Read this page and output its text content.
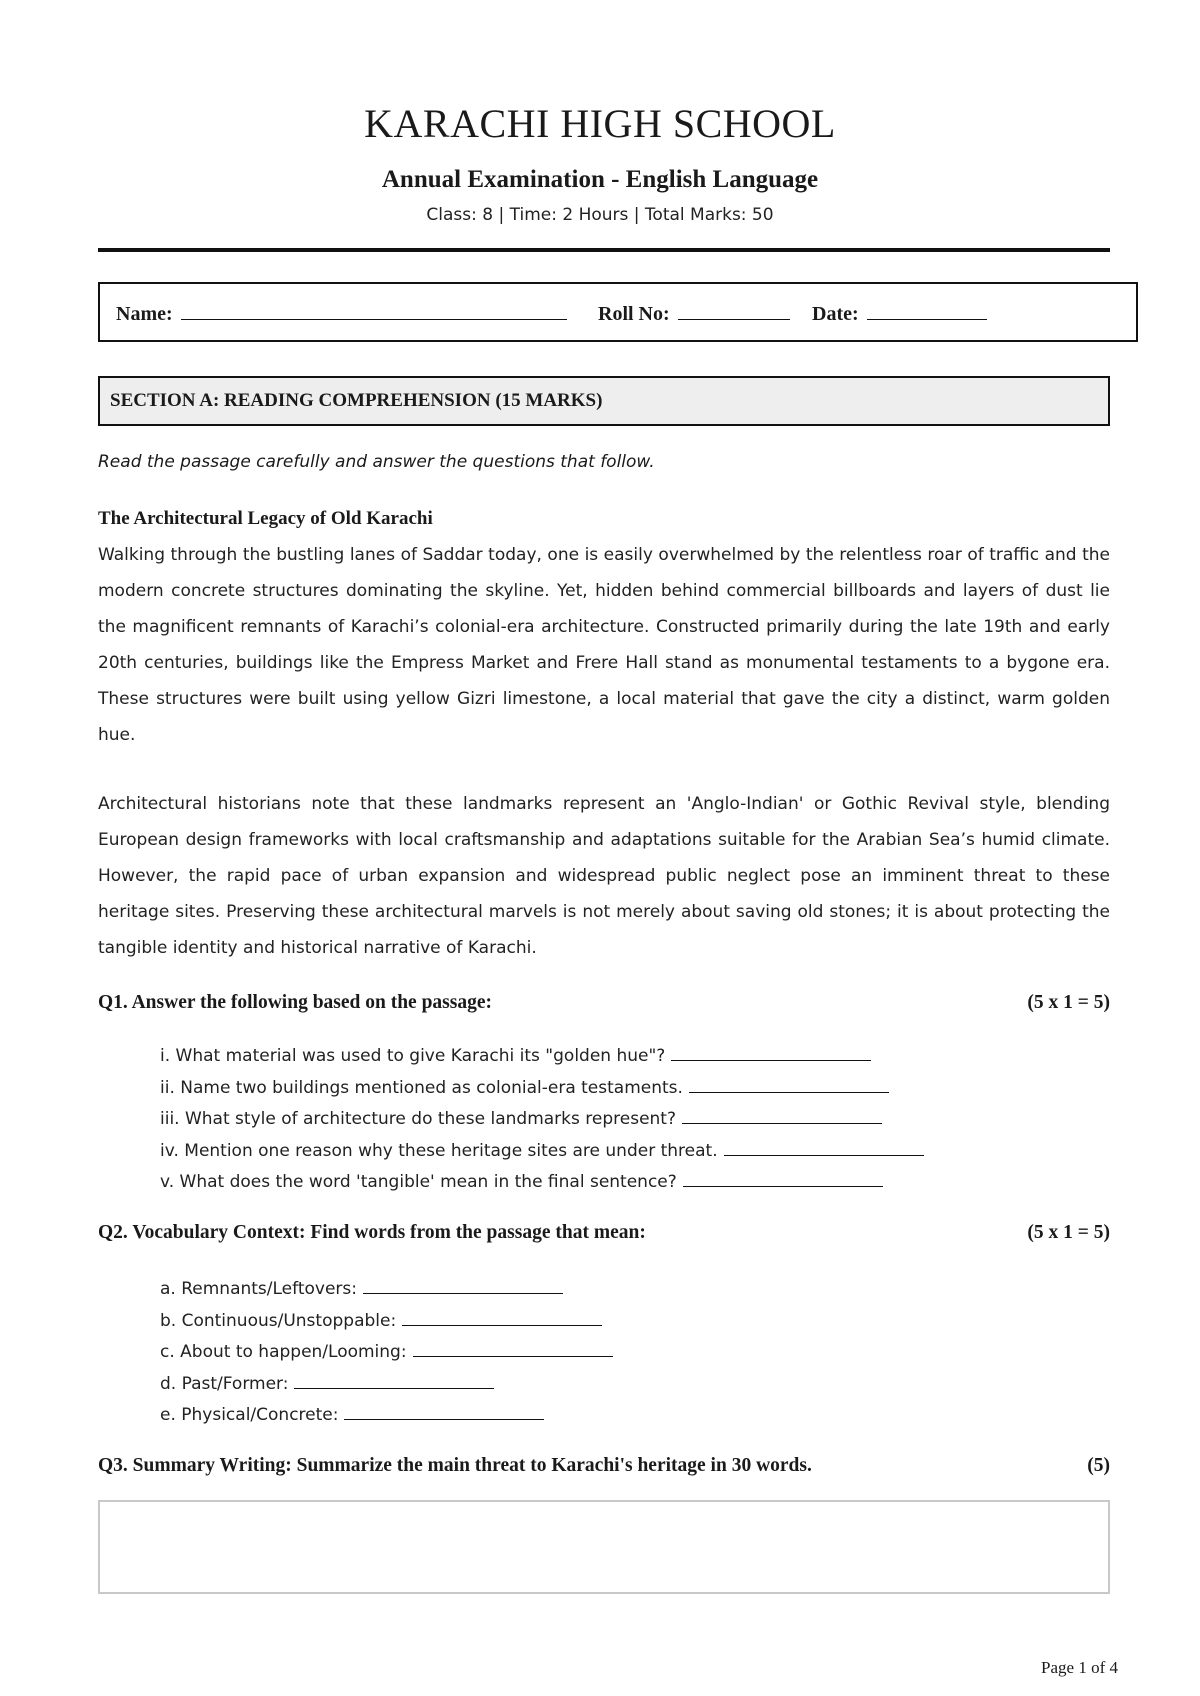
KARACHI HIGH SCHOOL
Annual Examination - English Language
Class: 8 | Time: 2 Hours | Total Marks: 50
Name:	Roll No:	Date:
SECTION A: READING COMPREHENSION (15 MARKS)
Read the passage carefully and answer the questions that follow.
The Architectural Legacy of Old Karachi
Walking through the bustling lanes of Saddar today, one is easily overwhelmed by the relentless roar of traffic and the modern concrete structures dominating the skyline. Yet, hidden behind commercial billboards and layers of dust lie the magnificent remnants of Karachi’s colonial-era architecture. Constructed primarily during the late 19th and early 20th centuries, buildings like the Empress Market and Frere Hall stand as monumental testaments to a bygone era. These structures were built using yellow Gizri limestone, a local material that gave the city a distinct, warm golden hue.
Architectural historians note that these landmarks represent an 'Anglo-Indian' or Gothic Revival style, blending European design frameworks with local craftsmanship and adaptations suitable for the Arabian Sea’s humid climate. However, the rapid pace of urban expansion and widespread public neglect pose an imminent threat to these heritage sites. Preserving these architectural marvels is not merely about saving old stones; it is about protecting the tangible identity and historical narrative of Karachi.
Q1. Answer the following based on the passage:	(5 x 1 = 5)
i. What material was used to give Karachi its "golden hue"?
ii. Name two buildings mentioned as colonial-era testaments.
iii. What style of architecture do these landmarks represent?
iv. Mention one reason why these heritage sites are under threat.
v. What does the word 'tangible' mean in the final sentence?
Q2. Vocabulary Context: Find words from the passage that mean:	(5 x 1 = 5)
a. Remnants/Leftovers:
b. Continuous/Unstoppable:
c. About to happen/Looming:
d. Past/Former:
e. Physical/Concrete:
Q3. Summary Writing: Summarize the main threat to Karachi's heritage in 30 words.	(5)
Page 1 of 4
